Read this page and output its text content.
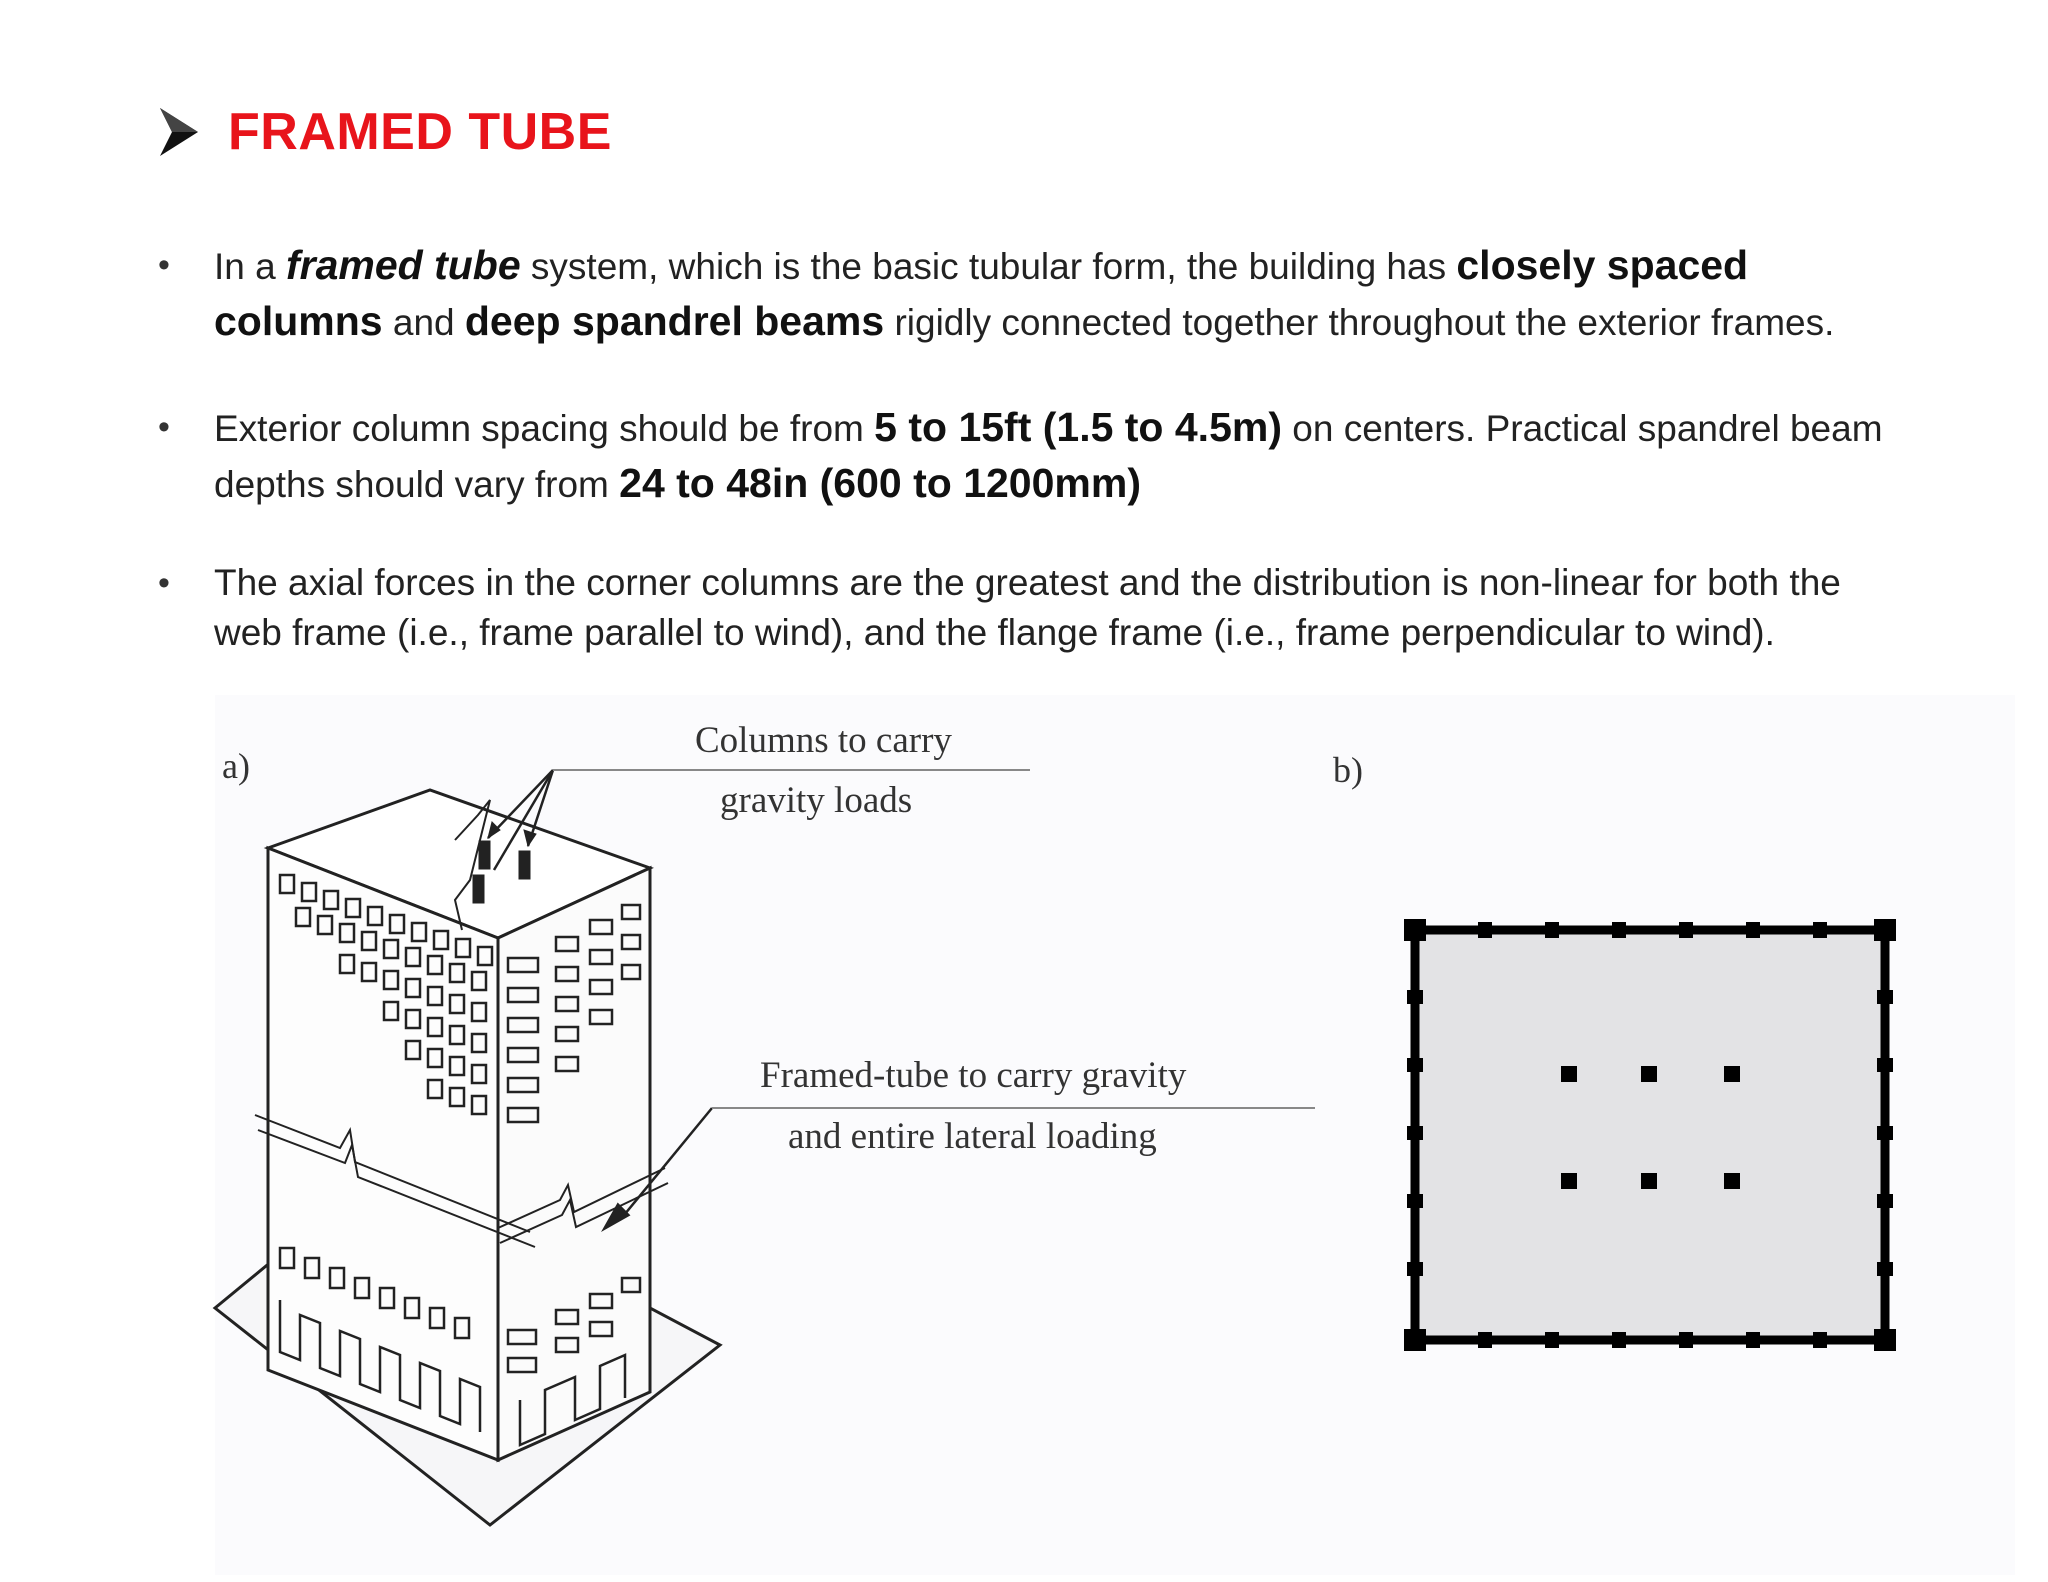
FRAMED TUBE
• In a framed tube system, which is the basic tubular form, the building has closely spaced columns and deep spandrel beams rigidly connected together throughout the exterior frames.
• Exterior column spacing should be from 5 to 15ft (1.5 to 4.5m) on centers. Practical spandrel beam depths should vary from 24 to 48in (600 to 1200mm)
• The axial forces in the corner columns are the greatest and the distribution is non-linear for both the web frame (i.e., frame parallel to wind), and the flange frame (i.e., frame perpendicular to wind).
a)	b)
Columns to carry
gravity loads
Framed-tube to carry gravity
and entire lateral loading
